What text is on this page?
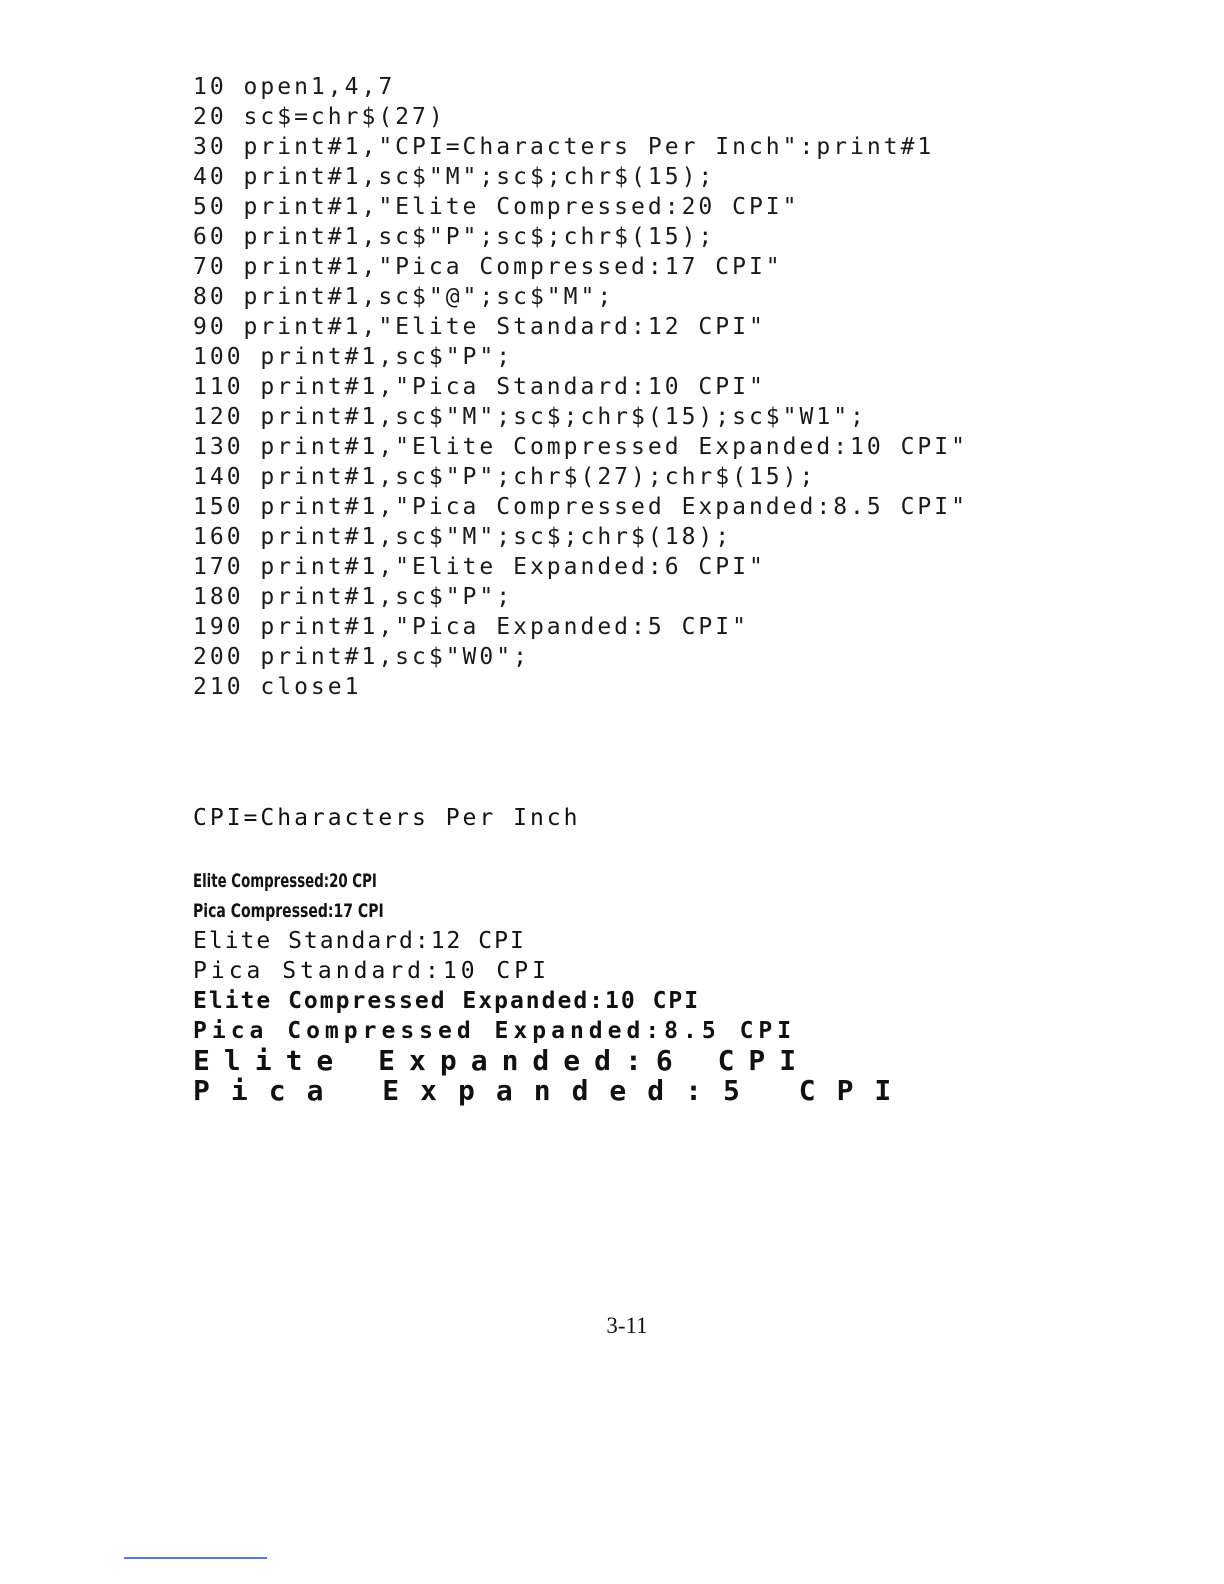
10 open1,4,7
20 sc$=chr$(27)
30 print#1,"CPI=Characters Per Inch":print#1
40 print#1,sc$"M";sc$;chr$(15);
50 print#1,"Elite Compressed:20 CPI"
60 print#1,sc$"P";sc$;chr$(15);
70 print#1,"Pica Compressed:17 CPI"
80 print#1,sc$"@";sc$"M";
90 print#1,"Elite Standard:12 CPI"
100 print#1,sc$"P";
110 print#1,"Pica Standard:10 CPI"
120 print#1,sc$"M";sc$;chr$(15);sc$"W1";
130 print#1,"Elite Compressed Expanded:10 CPI"
140 print#1,sc$"P";chr$(27);chr$(15);
150 print#1,"Pica Compressed Expanded:8.5 CPI"
160 print#1,sc$"M";sc$;chr$(18);
170 print#1,"Elite Expanded:6 CPI"
180 print#1,sc$"P";
190 print#1,"Pica Expanded:5 CPI"
200 print#1,sc$"W0";
210 close1
CPI=Characters Per Inch
Elite Compressed:20 CPI
Pica Compressed:17 CPI
Elite Standard:12 CPI
Pica Standard:10 CPI
Elite Compressed Expanded:10 CPI
Pica Compressed Expanded:8.5 CPI
Elite Expanded:6 CPI
Pica Expanded:5 CPI
3-11
